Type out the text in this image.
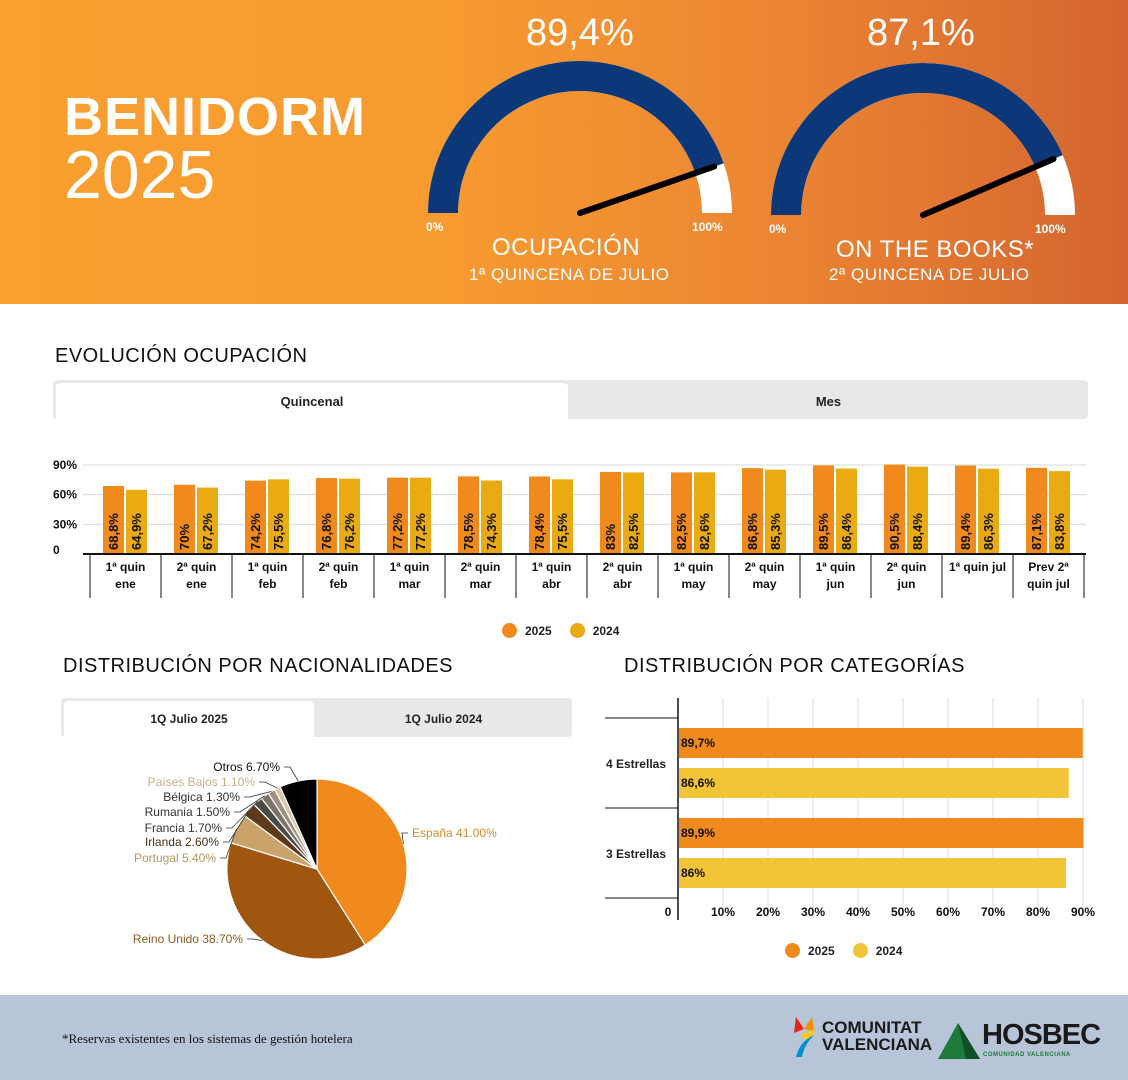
BENIDORM
2025
89,4%
0%	100%
OCUPACIÓN
1ª QUINCENA DE JULIO
87,1%
0%	100%
ON THE BOOKS*
2ª QUINCENA DE JULIO
EVOLUCIÓN OCUPACIÓN
Quincenal	Mes
0
30%
60%
90%
68,8% 64,9%	70% 67,2%	74,2% 75,5%	76,8% 76,2%	77,2% 77,2%	78,5% 74,3%	78,4% 75,5%	83% 82,5%	82,5% 82,6%	86,8% 85,3%	89,5% 86,4%	90,5% 88,4%	89,4% 86,3%	87,1% 83,8%
1ª quin ene
2ª quin ene
1ª quin feb
2ª quin feb
1ª quin mar
2ª quin mar
1ª quin abr
2ª quin abr
1ª quin may
2ª quin may
1ª quin jun
2ª quin jun
1ª quin jul Prev 2ª quin jul
2025	2024
DISTRIBUCIÓN POR NACIONALIDADES
1Q Julio 2025	1Q Julio 2024
España 41.00%
Reino Unido 38.70%
Portugal 5.40%
Irlanda 2.60%
Francia 1.70%
Rumania 1.50%
Bélgica 1.30%
Países Bajos 1.10%
Otros 6.70%
DISTRIBUCIÓN POR CATEGORÍAS
0	10% 20% 30% 40% 50% 60% 70% 80% 90%
4 Estrellas
89,7%
86,6%
3 Estrellas
89,9%
86%
2025	2024
*Reservas existentes en los sistemas de gestión hotelera
COMUNITAT
VALENCIANA HOSBEC
COMUNIDAD VALENCIANA
